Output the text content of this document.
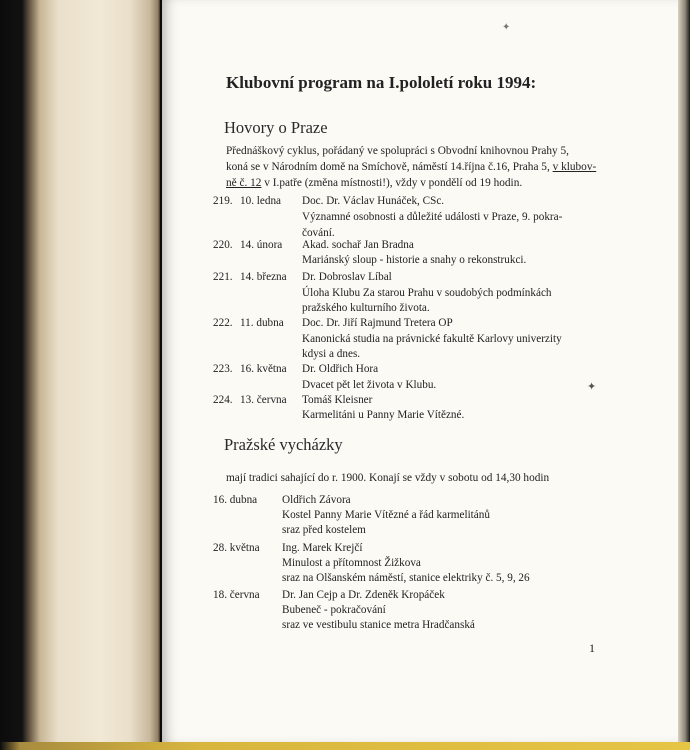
✦
Klubovní program na I.pololetí roku 1994:
Hovory o Praze
Přednáškový cyklus, pořádaný ve spolupráci s Obvodní knihovnou Prahy 5,
koná se v Národním domě na Smíchově, náměstí 14.října č.16, Praha 5, v klubov-
ně č. 12 v I.patře (změna místnosti!), vždy v pondělí od 19 hodin.
219. 10. ledna Doc. Dr. Václav Hunáček, CSc.
Významné osobnosti a důležité události v Praze, 9. pokra-
čování.
220. 14. února Akad. sochař Jan Bradna
Mariánský sloup - historie a snahy o rekonstrukci.
221. 14. března Dr. Dobroslav Líbal
Úloha Klubu Za starou Prahu v soudobých podmínkách
pražského kulturního života.
222. 11. dubna Doc. Dr. Jiří Rajmund Tretera OP
Kanonická studia na právnické fakultě Karlovy univerzity
kdysi a dnes.
223. 16. května Dr. Oldřich Hora
Dvacet pět let života v Klubu.
224. 13. června Tomáš Kleisner
Karmelitáni u Panny Marie Vítězné.
✦
Pražské vycházky
mají tradici sahající do r. 1900. Konají se vždy v sobotu od 14,30 hodin
16. dubna Oldřich Závora
Kostel Panny Marie Vítězné a řád karmelitánů
sraz před kostelem
28. května Ing. Marek Krejčí
Minulost a přítomnost Žižkova
sraz na Olšanském náměstí, stanice elektriky č. 5, 9, 26
18. června Dr. Jan Cejp a Dr. Zdeněk Kropáček
Bubeneč - pokračování
sraz ve vestibulu stanice metra Hradčanská
1
